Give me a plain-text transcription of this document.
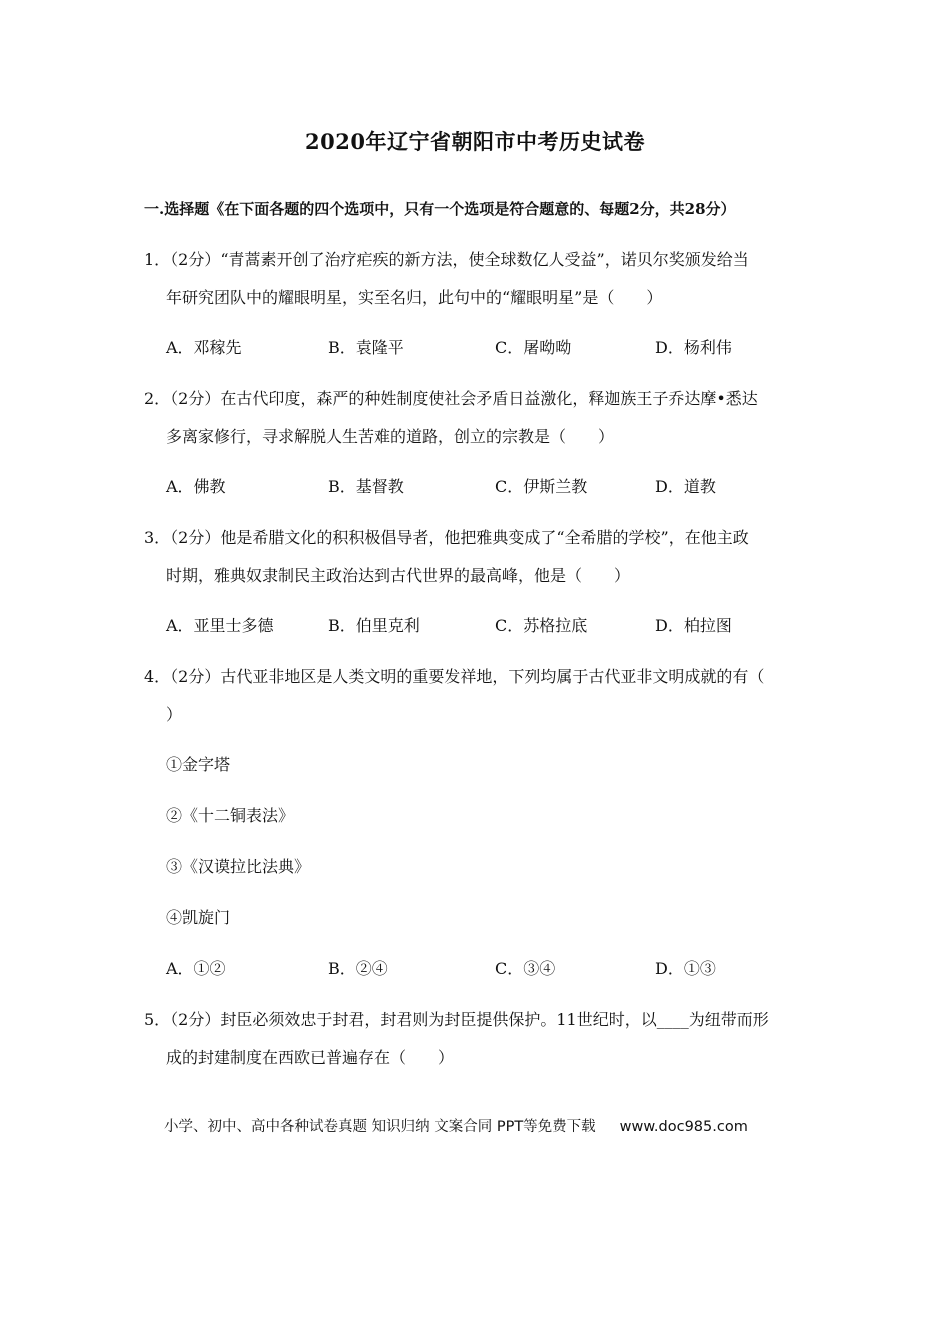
2020年辽宁省朝阳市中考历史试卷
一.选择题《在下面各题的四个选项中，只有一个选项是符合题意的、每题2分，共28分）
1．（2分）“青蒿素开创了治疗疟疾的新方法，使全球数亿人受益”，诺贝尔奖颁发给当
年研究团队中的耀眼明星，实至名归，此句中的“耀眼明星”是（　　）
A．邓稼先	B．袁隆平	C．屠呦呦	D．杨利伟
2．（2分）在古代印度，森严的种姓制度使社会矛盾日益激化，释迦族王子乔达摩•悉达
多离家修行，寻求解脱人生苦难的道路，创立的宗教是（　　）
A．佛教	B．基督教	C．伊斯兰教	D．道教
3．（2分）他是希腊文化的积积极倡导者，他把雅典变成了“全希腊的学校”，在他主政
时期，雅典奴隶制民主政治达到古代世界的最高峰，他是（　　）
A．亚里士多德	B．伯里克利	C．苏格拉底	D．柏拉图
4．（2分）古代亚非地区是人类文明的重要发祥地，下列均属于古代亚非文明成就的有（
）
①金字塔
②《十二铜表法》
③《汉谟拉比法典》
④凯旋门
A．①②	B．②④	C．③④	D．①③
5．（2分）封臣必须效忠于封君，封君则为封臣提供保护。11世纪时，以____为纽带而形
成的封建制度在西欧已普遍存在（　　）
小学、初中、高中各种试卷真题 知识归纳 文案合同 PPT等免费下载 www.doc985.com
